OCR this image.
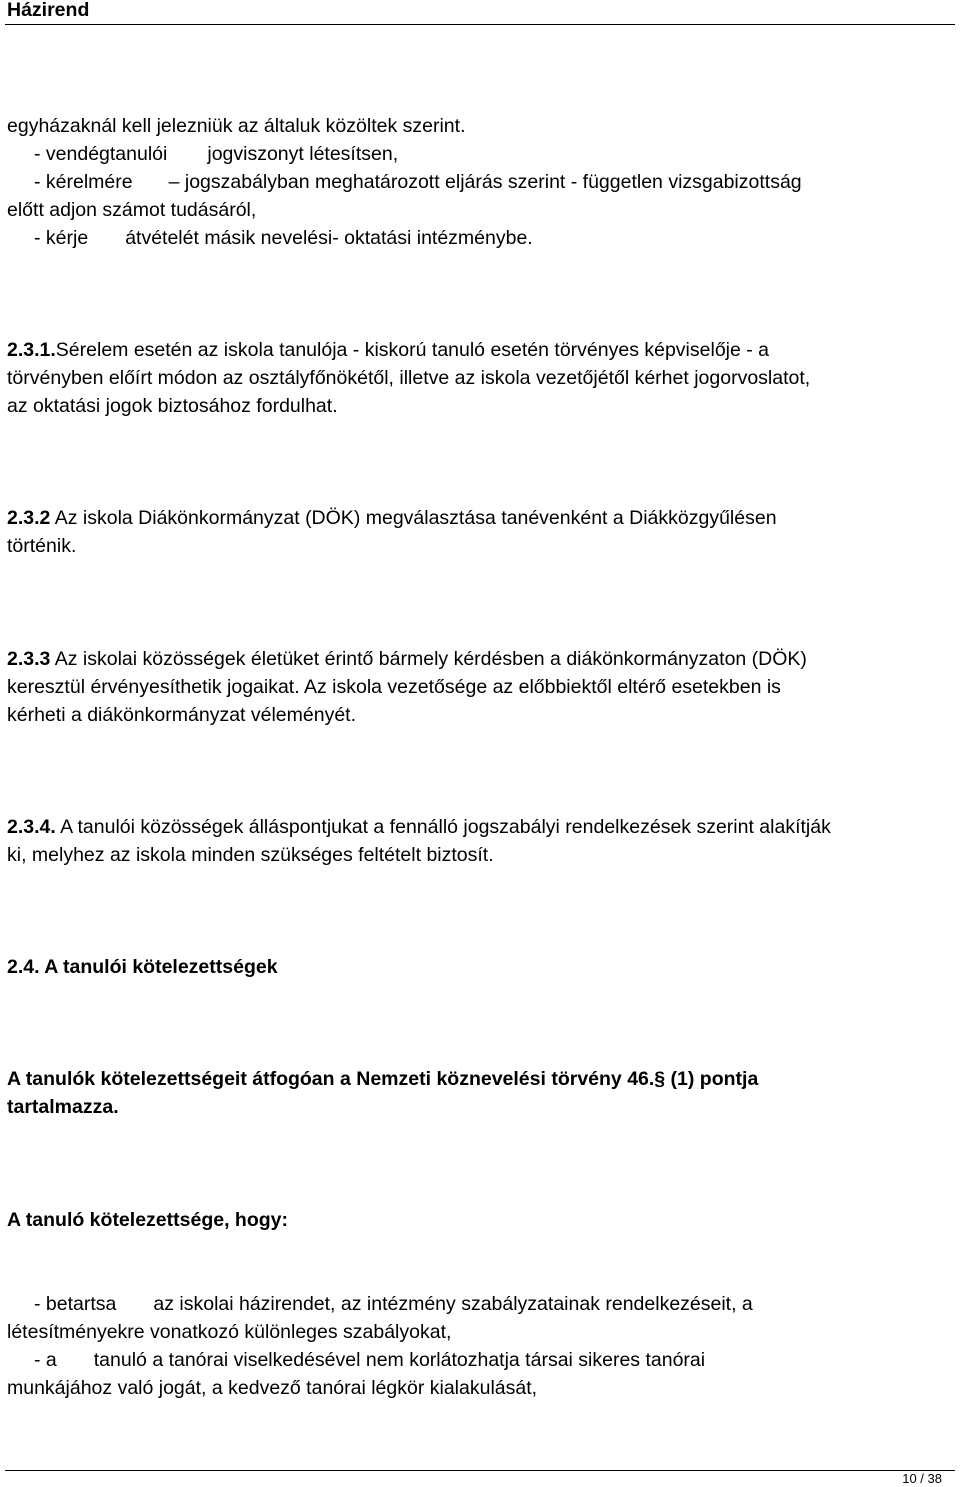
Házirend
egyházaknál kell jelezniük az általuk közöltek szerint.
- vendégtanulói jogviszonyt létesítsen,
- kérelmére – jogszabályban meghatározott eljárás szerint - független vizsgabizottság
előtt adjon számot tudásáról,
- kérje átvételét másik nevelési- oktatási intézménybe.
2.3.1.Sérelem esetén az iskola tanulója - kiskorú tanuló esetén törvényes képviselője - a
törvényben előírt módon az osztályfőnökétől, illetve az iskola vezetőjétől kérhet jogorvoslatot,
az oktatási jogok biztosához fordulhat.
2.3.2 Az iskola Diákönkormányzat (DÖK) megválasztása tanévenként a Diákközgyűlésen
történik.
2.3.3 Az iskolai közösségek életüket érintő bármely kérdésben a diákönkormányzaton (DÖK)
keresztül érvényesíthetik jogaikat. Az iskola vezetősége az előbbiektől eltérő esetekben is
kérheti a diákönkormányzat véleményét.
2.3.4. A tanulói közösségek álláspontjukat a fennálló jogszabályi rendelkezések szerint alakítják
ki, melyhez az iskola minden szükséges feltételt biztosít.
2.4. A tanulói kötelezettségek
A tanulók kötelezettségeit átfogóan a Nemzeti köznevelési törvény 46.§ (1) pontja
tartalmazza.
A tanuló kötelezettsége, hogy:
- betartsa az iskolai házirendet, az intézmény szabályzatainak rendelkezéseit, a
létesítményekre vonatkozó különleges szabályokat,
- a tanuló a tanórai viselkedésével nem korlátozhatja társai sikeres tanórai
munkájához való jogát, a kedvező tanórai légkör kialakulását,
10 / 38
